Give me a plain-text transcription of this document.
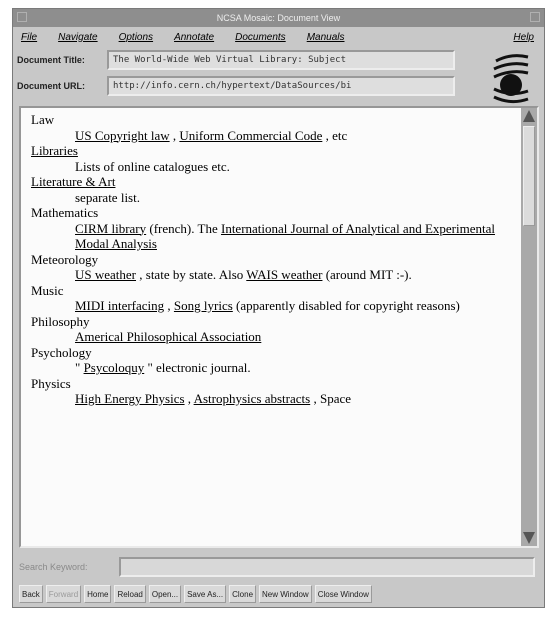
NCSA Mosaic: Document View
File Navigate Options Annotate Documents Manuals	Help
Document Title:	The World-Wide Web Virtual Library: Subject
Document URL:	http://info.cern.ch/hypertext/DataSources/bi
Law
US Copyright law , Uniform Commercial Code , etc
Libraries
Lists of online catalogues etc.
Literature & Art
separate list.
Mathematics
CIRM library (french). The International Journal of Analytical and Experimental Modal Analysis
Meteorology
US weather , state by state. Also WAIS weather (around MIT :-).
Music
MIDI interfacing , Song lyrics (apparently disabled for copyright reasons)
Philosophy
Americal Philosophical Association
Psychology
" Psycoloquy " electronic journal.
Physics
High Energy Physics , Astrophysics abstracts , Space
Search Keyword:
Back	Forward	Home	Reload	Open...	Save As...	Clone	New Window	Close Window
